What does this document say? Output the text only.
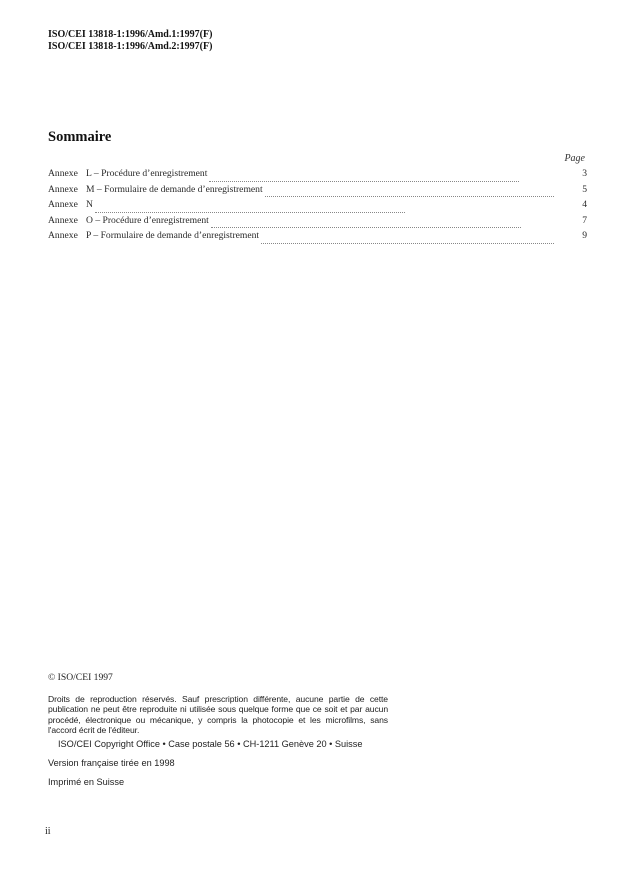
ISO/CEI 13818-1:1996/Amd.1:1997(F)
ISO/CEI 13818-1:1996/Amd.2:1997(F)
Sommaire
Page
Annexe L – Procédure d’enregistrement	3
Annexe M – Formulaire de demande d’enregistrement	5
Annexe N	4
Annexe O – Procédure d’enregistrement	7
Annexe P – Formulaire de demande d’enregistrement	9
© ISO/CEI 1997
Droits de reproduction réservés. Sauf prescription différente, aucune partie de cette publication ne peut être reproduite ni utilisée sous quelque forme que ce soit et par aucun procédé, électronique ou mécanique, y compris la photocopie et les microfilms, sans l'accord écrit de l'éditeur.
ISO/CEI Copyright Office • Case postale 56 • CH-1211 Genève 20 • Suisse
Version française tirée en 1998
Imprimé en Suisse
ii
